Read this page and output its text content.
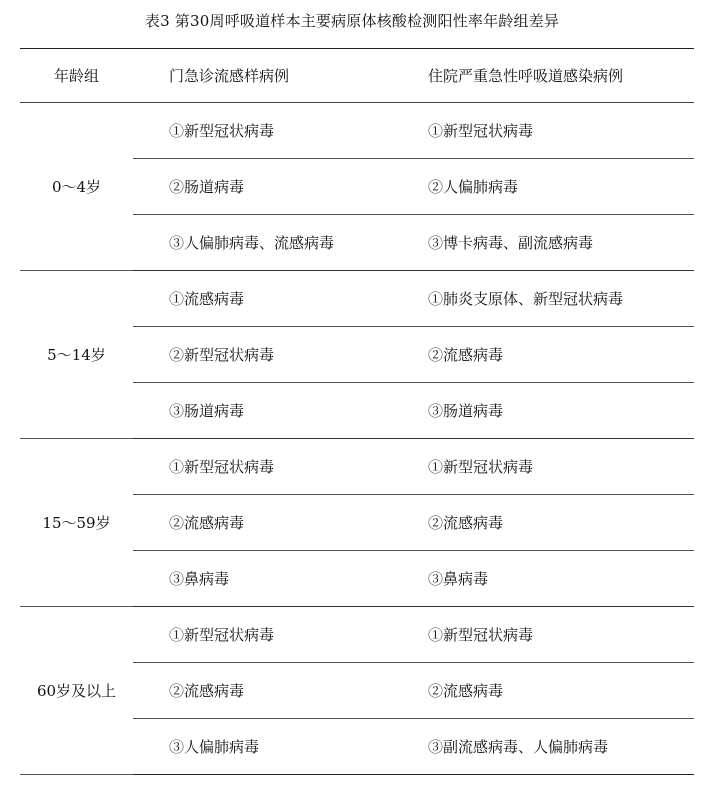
表3 第30周呼吸道样本主要病原体核酸检测阳性率年龄组差异
年龄组	门急诊流感样病例	住院严重急性呼吸道感染病例
0～4岁	①新型冠状病毒	①新型冠状病毒
	②肠道病毒	②人偏肺病毒
	③人偏肺病毒、流感病毒	③博卡病毒、副流感病毒
5～14岁	①流感病毒	①肺炎支原体、新型冠状病毒
	②新型冠状病毒	②流感病毒
	③肠道病毒	③肠道病毒
15～59岁	①新型冠状病毒	①新型冠状病毒
	②流感病毒	②流感病毒
	③鼻病毒	③鼻病毒
60岁及以上	①新型冠状病毒	①新型冠状病毒
	②流感病毒	②流感病毒
	③人偏肺病毒	③副流感病毒、人偏肺病毒
